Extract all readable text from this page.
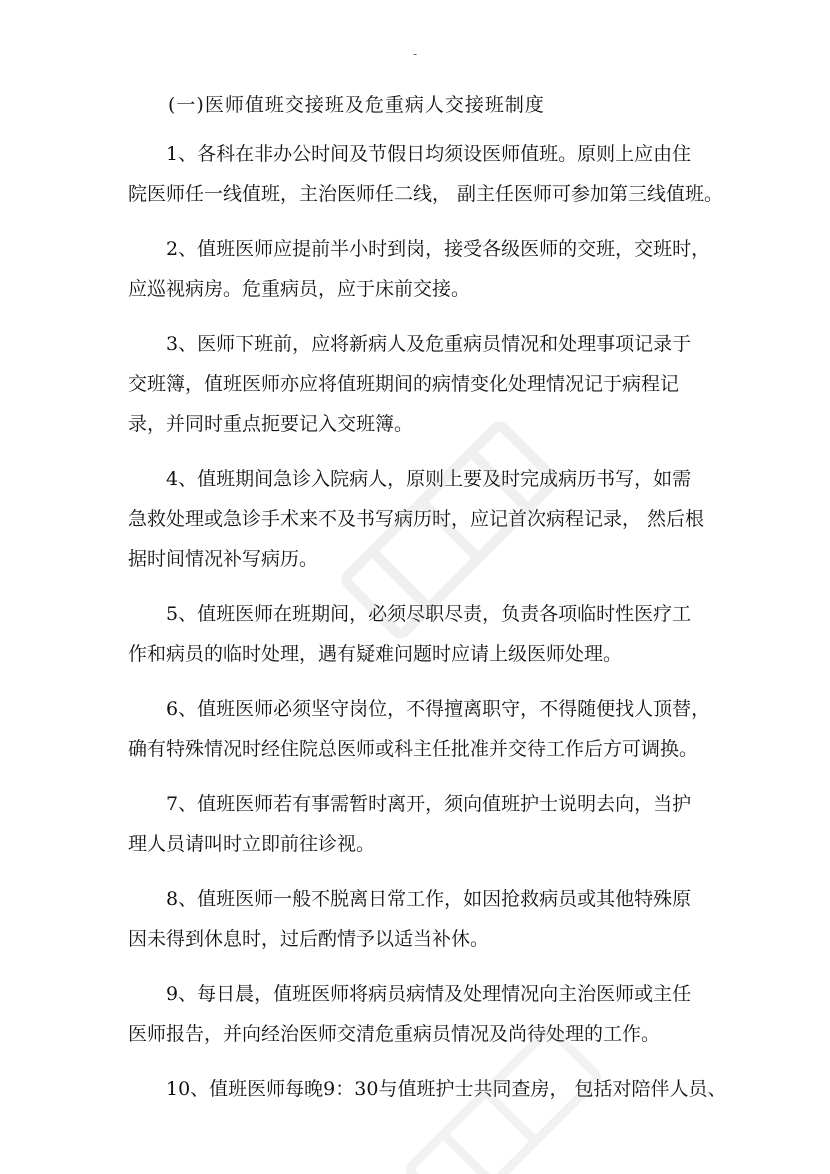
-
(一)医师值班交接班及危重病人交接班制度
1、各科在非办公时间及节假日均须设医师值班。原则上应由住
院医师任一线值班，主治医师任二线， 副主任医师可参加第三线值班。
2、值班医师应提前半小时到岗，接受各级医师的交班，交班时，
应巡视病房。危重病员，应于床前交接。
3、医师下班前，应将新病人及危重病员情况和处理事项记录于
交班簿，值班医师亦应将值班期间的病情变化处理情况记于病程记
录，并同时重点扼要记入交班簿。
4、值班期间急诊入院病人，原则上要及时完成病历书写，如需
急救处理或急诊手术来不及书写病历时，应记首次病程记录， 然后根
据时间情况补写病历。
5、值班医师在班期间，必须尽职尽责，负责各项临时性医疗工
作和病员的临时处理，遇有疑难问题时应请上级医师处理。
6、值班医师必须坚守岗位，不得擅离职守，不得随便找人顶替，
确有特殊情况时经住院总医师或科主任批准并交待工作后方可调换。
7、值班医师若有事需暂时离开，须向值班护士说明去向，当护
理人员请叫时立即前往诊视。
8、值班医师一般不脱离日常工作，如因抢救病员或其他特殊原
因未得到休息时，过后酌情予以适当补休。
9、每日晨，值班医师将病员病情及处理情况向主治医师或主任
医师报告，并向经治医师交清危重病员情况及尚待处理的工作。
10、值班医师每晚9：30与值班护士共同查房， 包括对陪伴人员、
